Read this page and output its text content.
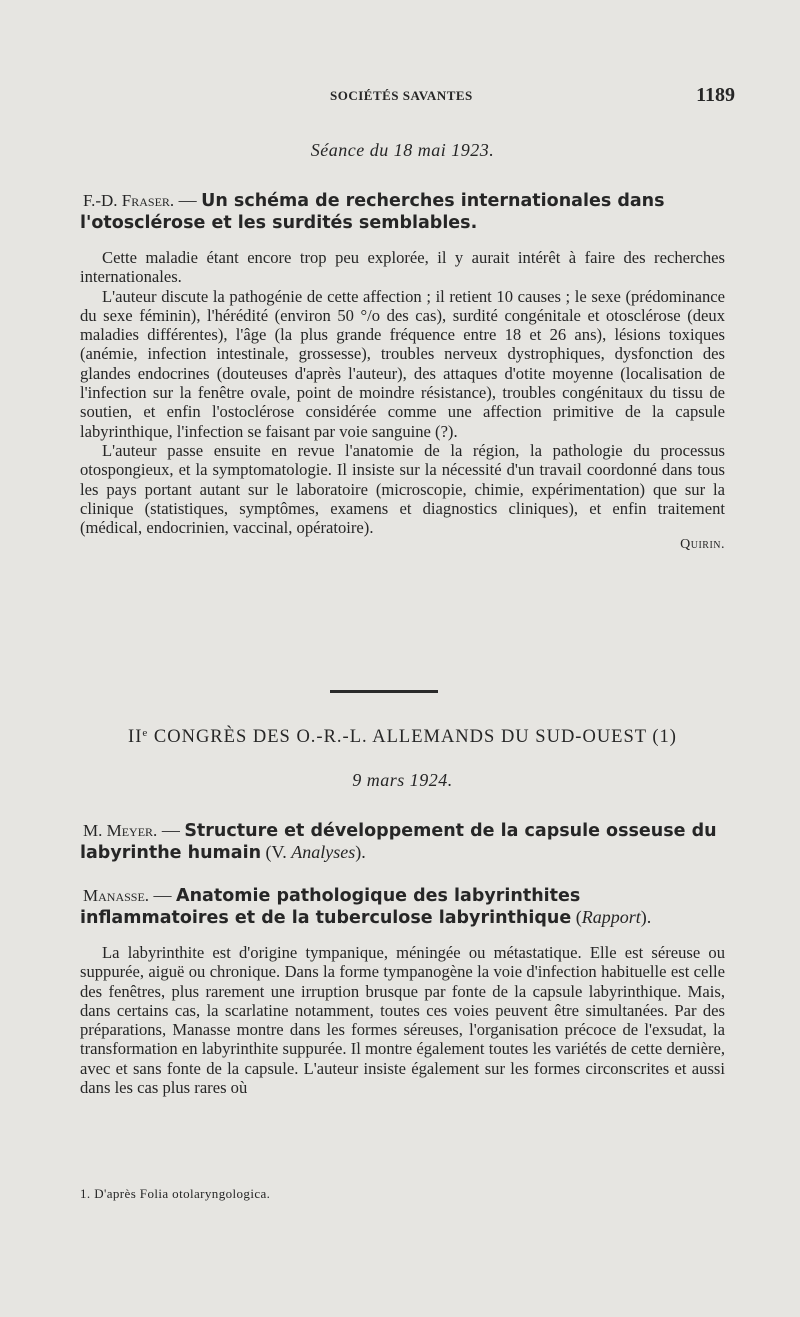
SOCIÉTÉS SAVANTES	1189
Séance du 18 mai 1923.

F.-D. Fraser. — Un schéma de recherches internationales dans l'otosclérose et les surdités semblables.

Cette maladie étant encore trop peu explorée, il y aurait intérêt à faire des recherches internationales.

L'auteur discute la pathogénie de cette affection ; il retient 10 causes ; le sexe (prédominance du sexe féminin), l'hérédité (environ 50 °/o des cas), surdité congénitale et otosclérose (deux maladies différentes), l'âge (la plus grande fréquence entre 18 et 26 ans), lésions toxiques (anémie, infection intestinale, grossesse), troubles nerveux dystrophiques, dysfonction des glandes endocrines (douteuses d'après l'auteur), des attaques d'otite moyenne (localisation de l'infection sur la fenêtre ovale, point de moindre résistance), troubles congénitaux du tissu de soutien, et enfin l'ostoclérose considérée comme une affection primitive de la capsule labyrinthique, l'infection se faisant par voie sanguine (?).

L'auteur passe ensuite en revue l'anatomie de la région, la pathologie du processus otospongieux, et la symptomatologie. Il insiste sur la nécessité d'un travail coordonné dans tous les pays portant autant sur le laboratoire (microscopie, chimie, expérimentation) que sur la clinique (statistiques, symptômes, examens et diagnostics cliniques), et enfin traitement (médical, endocrinien, vaccinal, opératoire).

Quirin.

IIe CONGRÈS DES O.-R.-L. ALLEMANDS DU SUD-OUEST (1)
9 mars 1924.

M. Meyer. — Structure et développement de la capsule osseuse du labyrinthe humain (V. Analyses).

Manasse. — Anatomie pathologique des labyrinthites inflammatoires et de la tuberculose labyrinthique (Rapport).

La labyrinthite est d'origine tympanique, méningée ou métastatique. Elle est séreuse ou suppurée, aiguë ou chronique. Dans la forme tympanogène la voie d'infection habituelle est celle des fenêtres, plus rarement une irruption brusque par fonte de la capsule labyrinthique. Mais, dans certains cas, la scarlatine notamment, toutes ces voies peuvent être simultanées. Par des préparations, Manasse montre dans les formes séreuses, l'organisation précoce de l'exsudat, la transformation en labyrinthite suppurée. Il montre également toutes les variétés de cette dernière, avec et sans fonte de la capsule. L'auteur insiste également sur les formes circonscrites et aussi dans les cas plus rares où

1. D'après Folia otolaryngologica.
